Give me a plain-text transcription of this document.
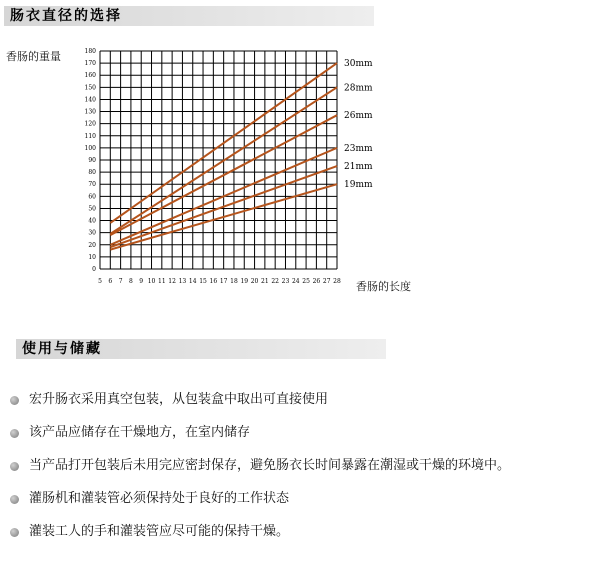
肠衣直径的选择
0
10
20
30
40
50
60
70
80
90
100
110
120
130
140
150
160
170
180
5 6 7 8 9 10 11 12 13 14 15 16 17 18 19 20 21 22 23 24 25 26 27 28
30mm
28mm
26mm
23mm
21mm
19mm
香肠的重量
香肠的长度
使用与储藏
宏升肠衣采用真空包装，从包装盒中取出可直接使用
该产品应储存在干燥地方，在室内储存
当产品打开包装后未用完应密封保存，避免肠衣长时间暴露在潮湿或干燥的环境中。
灌肠机和灌装管必须保持处于良好的工作状态
灌装工人的手和灌装管应尽可能的保持干燥。
